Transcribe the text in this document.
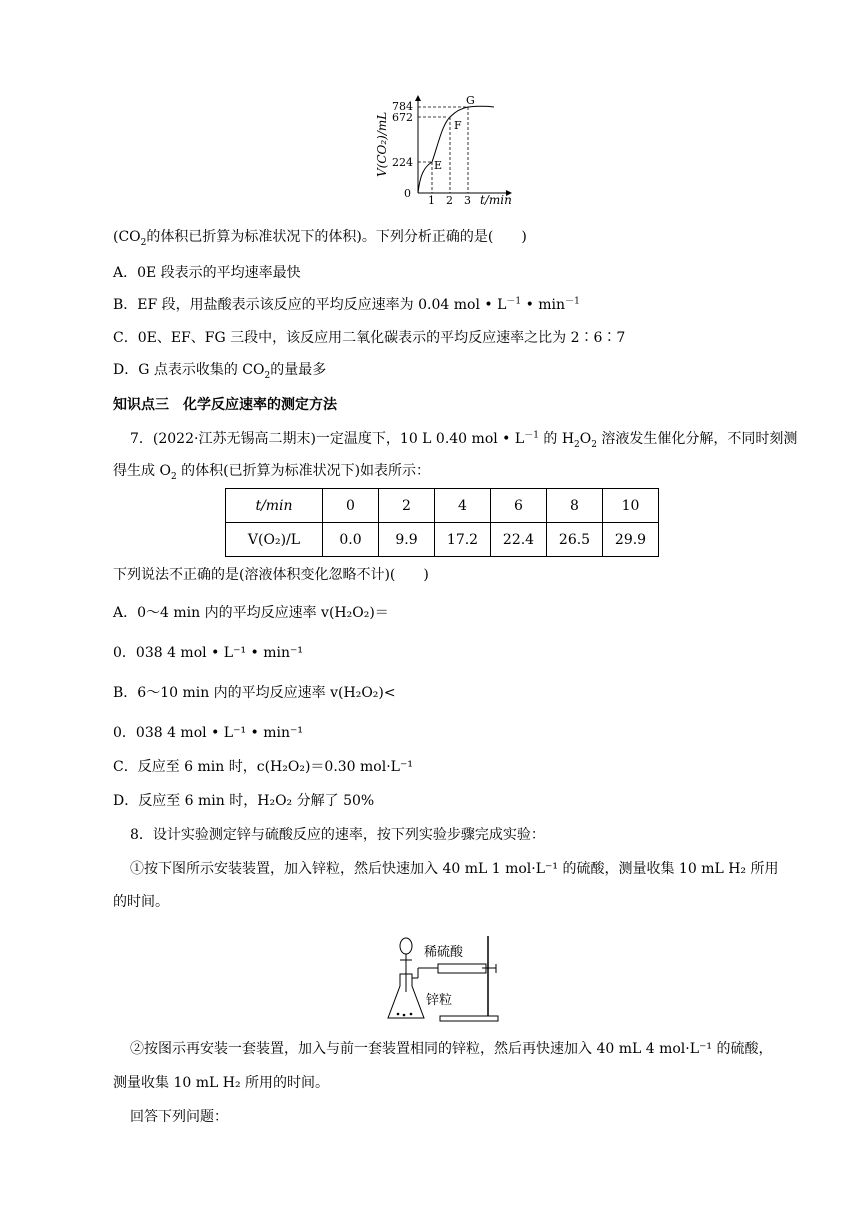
V(CO₂)/mL
784
672
224
0
1 2 3 t/min
E
F
G
($CO_2$的体积已折算为标准状况下的体积)。下列分析正确的是(　　)
A．0E 段表示的平均速率最快
B．EF 段，用盐酸表示该反应的平均反应速率为 0.04 mol • $L^{-1}$ • $\min^{-1}$
C．0E、EF、FG 三段中，该反应用二氧化碳表示的平均反应速率之比为 2∶6∶7
D．G 点表示收集的 $CO_2$的量最多
知识点三　化学反应速率的测定方法
7．(2022·江苏无锡高二期末)一定温度下，10 L 0.40 mol • $L^{-1}$ 的 $H_2O_2$ 溶液发生催化分解，不同时刻测
得生成 $O_2$ 的体积(已折算为标准状况下)如表所示：
t/min	0	2	4	6	8	10
V(O₂)/L	0.0	9.9	17.2	22.4	26.5	29.9
下列说法不正确的是(溶液体积变化忽略不计)(　　)
A．0～4 min 内的平均反应速率 v(H₂O₂)＝
0．038 4 mol • L⁻¹ • min⁻¹
B．6～10 min 内的平均反应速率 v(H₂O₂)<
0．038 4 mol • L⁻¹ • min⁻¹
C．反应至 6 min 时，c(H₂O₂)＝0.30 mol·L⁻¹
D．反应至 6 min 时，H₂O₂ 分解了 50%
8．设计实验测定锌与硫酸反应的速率，按下列实验步骤完成实验：
①按下图所示安装装置，加入锌粒，然后快速加入 40 mL 1 mol·L⁻¹ 的硫酸，测量收集 10 mL H₂ 所用
的时间。
稀硫酸
锌粒
②按图示再安装一套装置，加入与前一套装置相同的锌粒，然后再快速加入 40 mL 4 mol·L⁻¹ 的硫酸，
测量收集 10 mL H₂ 所用的时间。
回答下列问题：
